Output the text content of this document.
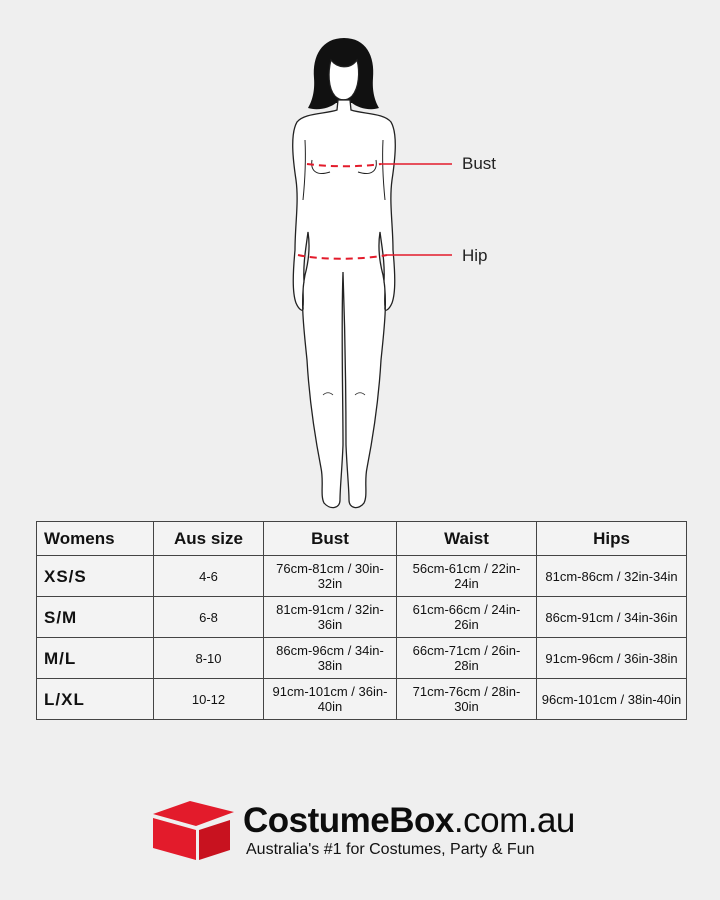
Bust
Hip
Womens	Aus size	Bust	Waist	Hips
XS/S	4-6	76cm-81cm / 30in-32in	56cm-61cm / 22in-24in	81cm-86cm / 32in-34in
S/M	6-8	81cm-91cm / 32in-36in	61cm-66cm / 24in-26in	86cm-91cm / 34in-36in
M/L	8-10	86cm-96cm / 34in-38in	66cm-71cm / 26in-28in	91cm-96cm / 36in-38in
L/XL	10-12	91cm-101cm / 36in-40in	71cm-76cm / 28in-30in	96cm-101cm / 38in-40in
CostumeBox.com.au
Australia's #1 for Costumes, Party & Fun
